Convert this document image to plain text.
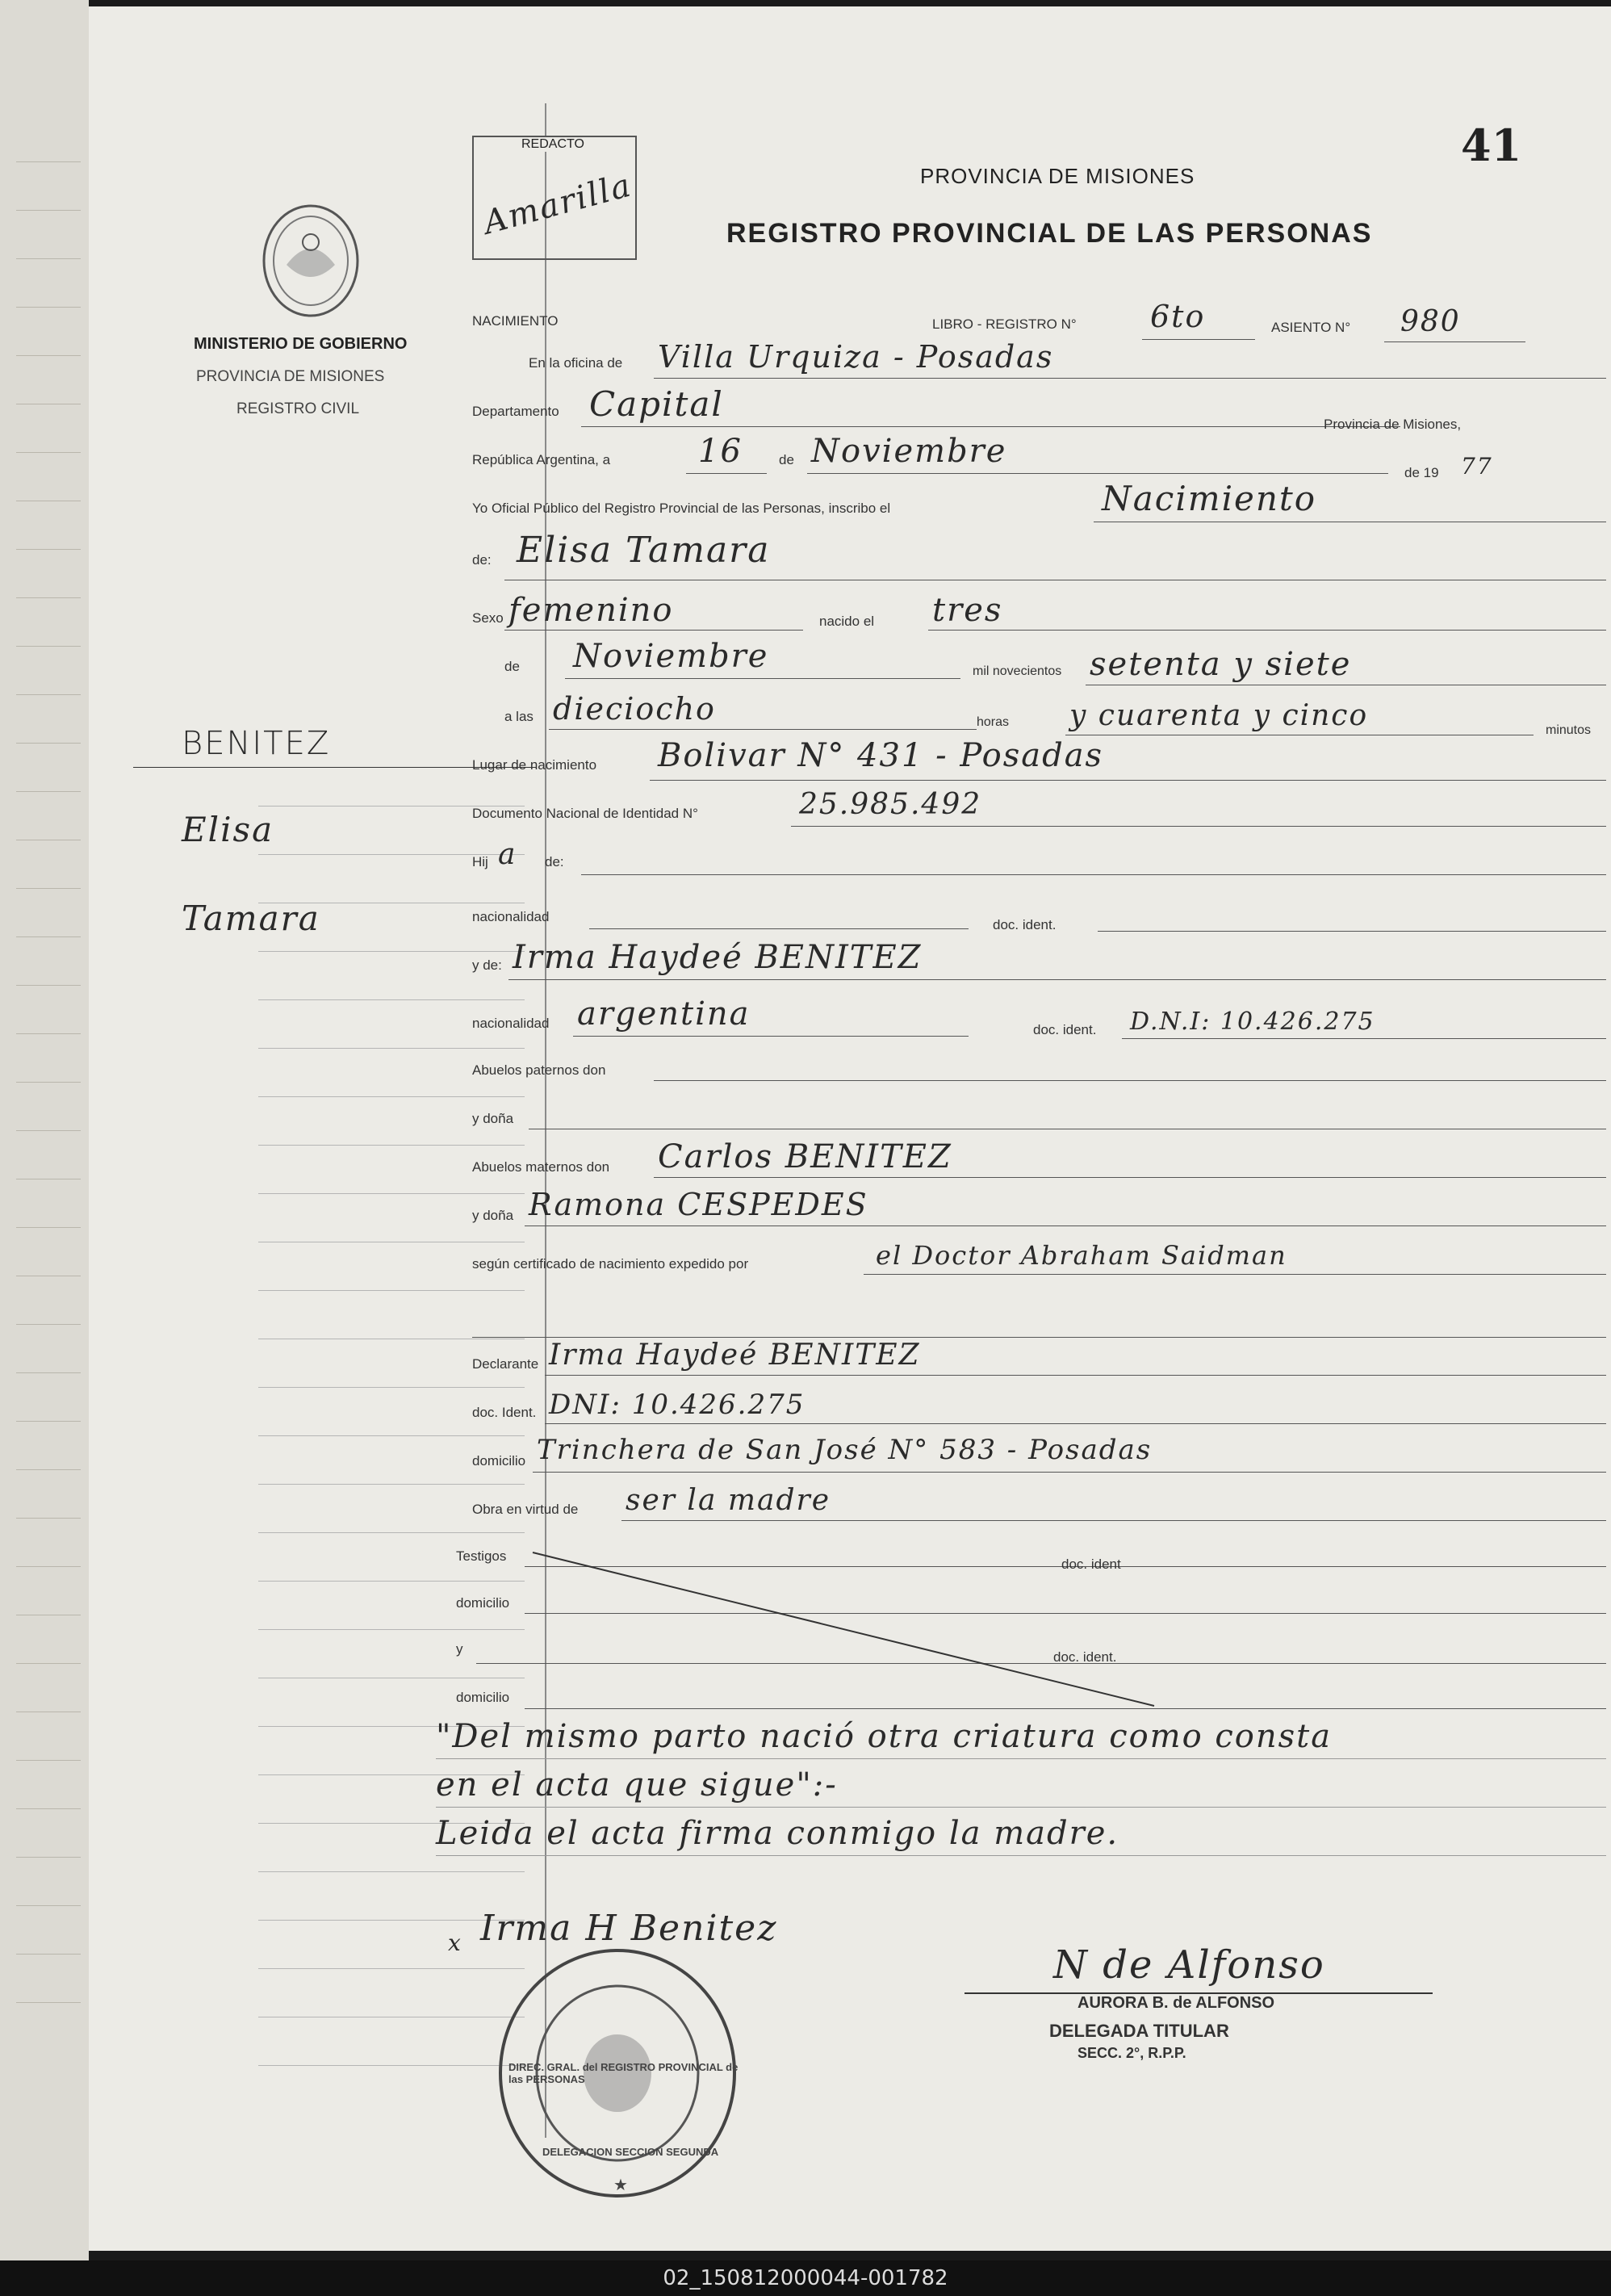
41
REDACTO
Amarilla	PROVINCIA DE MISIONES
REGISTRO PROVINCIAL DE LAS PERSONAS
MINISTERIO DE GOBIERNO
PROVINCIA DE MISIONES
REGISTRO CIVIL
BENITEZ
Elisa
Tamara
NACIMIENTO	LIBRO - REGISTRO N° 6to	ASIENTO N° 980
En la oficina de Villa Urquiza - Posadas
Departamento Capital
Provincia de Misiones,
República Argentina, a	16	de Noviembre
de 19 77
Yo Oficial Público del Registro Provincial de las Personas, inscribo el	Nacimiento
de: Elisa Tamara
Sexo femenino	nacido el tres
de Noviembre	mil novecientos setenta y siete
a las dieciocho	horas y cuarenta y cinco	minutos
Lugar de nacimiento Bolivar N° 431 - Posadas
Documento Nacional de Identidad N°	25.985.492
Hij a de:
nacionalidad
doc. ident.
y de: Irma Haydeé BENITEZ
nacionalidad argentina	doc. ident. D.N.I: 10.426.275
Abuelos paternos don
y doña
Abuelos maternos don Carlos BENITEZ
y doña Ramona CESPEDES
según certificado de nacimiento expedido por	el Doctor Abraham Saidman
Declarante Irma Haydeé BENITEZ
doc. Ident. DNI: 10.426.275
domicilio Trinchera de San José N° 583 - Posadas
Obra en virtud de ser la madre
Testigos
doc. ident
domicilio
y
doc. ident.
domicilio
"Del mismo parto nació otra criatura como consta
en el acta que sigue":-
Leida el acta firma conmigo la madre.
x Irma H Benitez
★
DIREC. GRAL. del REGISTRO PROVINCIAL de las PERSONAS
DELEGACION SECCION SEGUNDA
N de Alfonso
AURORA B. de ALFONSO
DELEGADA TITULAR
SECC. 2°, R.P.P.
02_150812000044-001782
